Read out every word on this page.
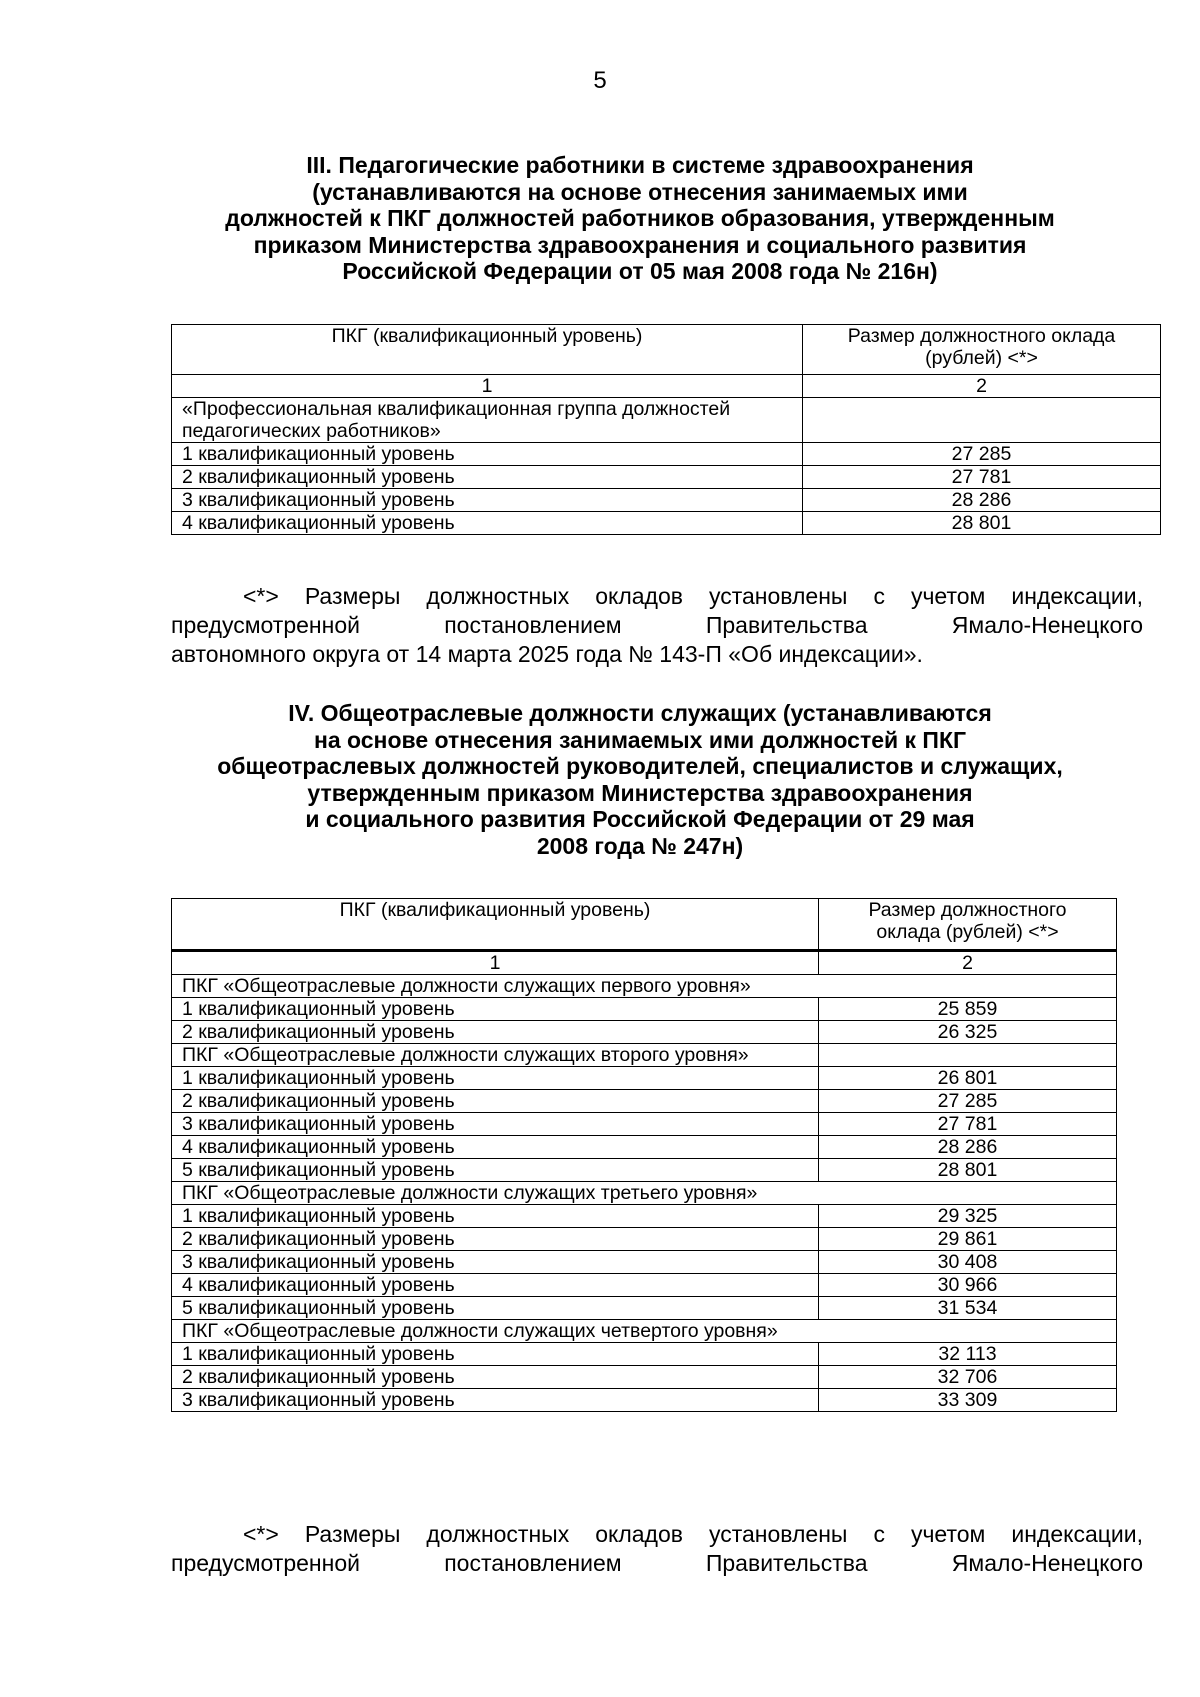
5
III. Педагогические работники в системе здравоохранения
(устанавливаются на основе отнесения занимаемых ими
должностей к ПКГ должностей работников образования, утвержденным
приказом Министерства здравоохранения и социального развития
Российской Федерации от 05 мая 2008 года № 216н)
ПКГ (квалификационный уровень)	Размер должностного оклада (рублей) <*>
1	2
«Профессиональная квалификационная группа должностей педагогических работников»	
1 квалификационный уровень	27 285
2 квалификационный уровень	27 781
3 квалификационный уровень	28 286
4 квалификационный уровень	28 801
<*> Размеры должностных окладов установлены с учетом индексации,
предусмотренной постановлением Правительства Ямало-Ненецкого
автономного округа от 14 марта 2025 года № 143-П «Об индексации».
IV. Общеотраслевые должности служащих (устанавливаются
на основе отнесения занимаемых ими должностей к ПКГ
общеотраслевых должностей руководителей, специалистов и служащих,
утвержденным приказом Министерства здравоохранения
и социального развития Российской Федерации от 29 мая
2008 года № 247н)
ПКГ (квалификационный уровень)	Размер должностного оклада (рублей) <*>
1	2
ПКГ «Общеотраслевые должности служащих первого уровня»	
1 квалификационный уровень	25 859
2 квалификационный уровень	26 325
ПКГ «Общеотраслевые должности служащих второго уровня»	
1 квалификационный уровень	26 801
2 квалификационный уровень	27 285
3 квалификационный уровень	27 781
4 квалификационный уровень	28 286
5 квалификационный уровень	28 801
ПКГ «Общеотраслевые должности служащих третьего уровня»	
1 квалификационный уровень	29 325
2 квалификационный уровень	29 861
3 квалификационный уровень	30 408
4 квалификационный уровень	30 966
5 квалификационный уровень	31 534
ПКГ «Общеотраслевые должности служащих четвертого уровня»	
1 квалификационный уровень	32 113
2 квалификационный уровень	32 706
3 квалификационный уровень	33 309
<*> Размеры должностных окладов установлены с учетом индексации,
предусмотренной постановлением Правительства Ямало-Ненецкого
